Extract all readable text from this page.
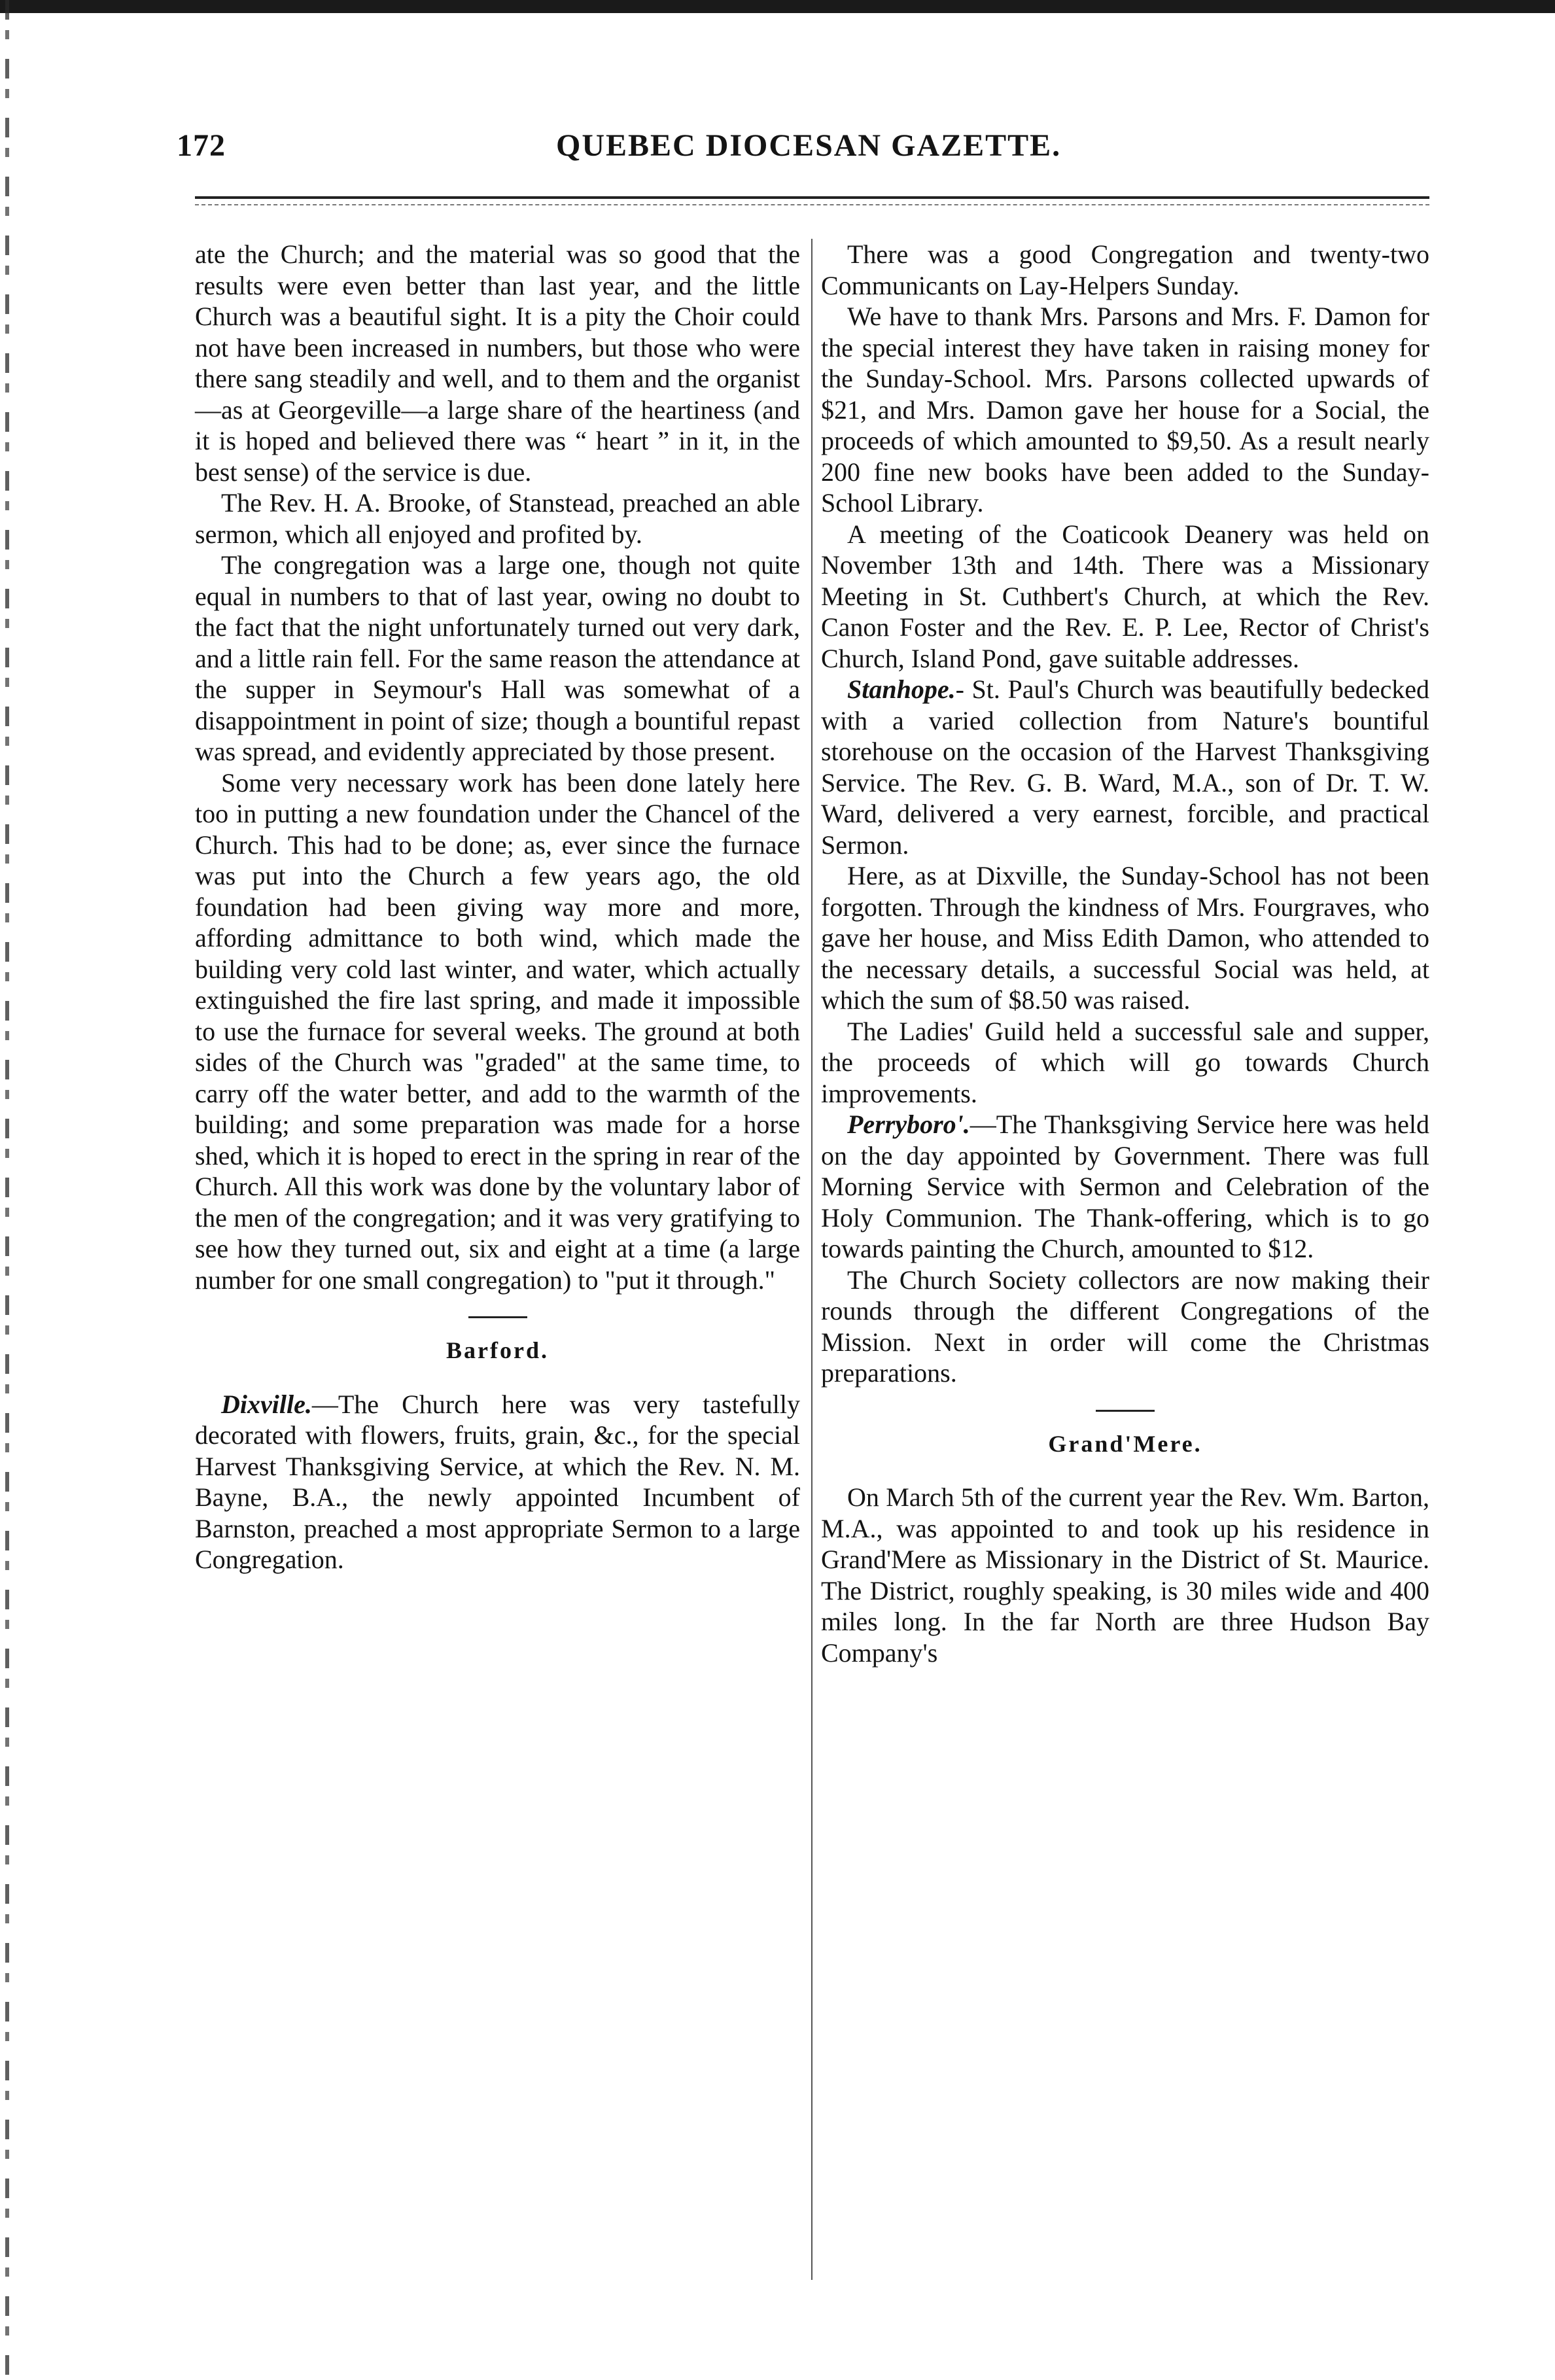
172	QUEBEC DIOCESAN GAZETTE.

ate the Church; and the material was so good that the results were even better than last year, and the little Church was a beautiful sight. It is a pity the Choir could not have been increased in numbers, but those who were there sang steadily and well, and to them and the organist—as at Georgeville—a large share of the heartiness (and it is hoped and believed there was “ heart ” in it, in the best sense) of the service is due.

The Rev. H. A. Brooke, of Stanstead, preached an able sermon, which all enjoyed and profited by.

The congregation was a large one, though not quite equal in numbers to that of last year, owing no doubt to the fact that the night unfortunately turned out very dark, and a little rain fell. For the same reason the attendance at the supper in Seymour's Hall was somewhat of a disappointment in point of size; though a bountiful repast was spread, and evidently appreciated by those present.

Some very necessary work has been done lately here too in putting a new foundation under the Chancel of the Church. This had to be done; as, ever since the furnace was put into the Church a few years ago, the old foundation had been giving way more and more, affording admittance to both wind, which made the building very cold last winter, and water, which actually extinguished the fire last spring, and made it impossible to use the furnace for several weeks. The ground at both sides of the Church was "graded" at the same time, to carry off the water better, and add to the warmth of the building; and some preparation was made for a horse shed, which it is hoped to erect in the spring in rear of the Church. All this work was done by the voluntary labor of the men of the congregation; and it was very gratifying to see how they turned out, six and eight at a time (a large number for one small congregation) to "put it through."

Barford.

Dixville.—The Church here was very tastefully decorated with flowers, fruits, grain, &c., for the special Harvest Thanksgiving Service, at which the Rev. N. M. Bayne, B.A., the newly appointed Incumbent of Barnston, preached a most appropriate Sermon to a large Congregation.

There was a good Congregation and twenty-two Communicants on Lay-Helpers Sunday.

We have to thank Mrs. Parsons and Mrs. F. Damon for the special interest they have taken in raising money for the Sunday-School. Mrs. Parsons collected upwards of $21, and Mrs. Damon gave her house for a Social, the proceeds of which amounted to $9,50. As a result nearly 200 fine new books have been added to the Sunday-School Library.

A meeting of the Coaticook Deanery was held on November 13th and 14th. There was a Missionary Meeting in St. Cuthbert's Church, at which the Rev. Canon Foster and the Rev. E. P. Lee, Rector of Christ's Church, Island Pond, gave suitable addresses.

Stanhope.- St. Paul's Church was beautifully bedecked with a varied collection from Nature's bountiful storehouse on the occasion of the Harvest Thanksgiving Service. The Rev. G. B. Ward, M.A., son of Dr. T. W. Ward, delivered a very earnest, forcible, and practical Sermon.

Here, as at Dixville, the Sunday-School has not been forgotten. Through the kindness of Mrs. Fourgraves, who gave her house, and Miss Edith Damon, who attended to the necessary details, a successful Social was held, at which the sum of $8.50 was raised.

The Ladies' Guild held a successful sale and supper, the proceeds of which will go towards Church improvements.

Perryboro'.—The Thanksgiving Service here was held on the day appointed by Government. There was full Morning Service with Sermon and Celebration of the Holy Communion. The Thank-offering, which is to go towards painting the Church, amounted to $12.

The Church Society collectors are now making their rounds through the different Congregations of the Mission. Next in order will come the Christmas preparations.

Grand'Mere.

On March 5th of the current year the Rev. Wm. Barton, M.A., was appointed to and took up his residence in Grand'Mere as Missionary in the District of St. Maurice. The District, roughly speaking, is 30 miles wide and 400 miles long. In the far North are three Hudson Bay Company's
